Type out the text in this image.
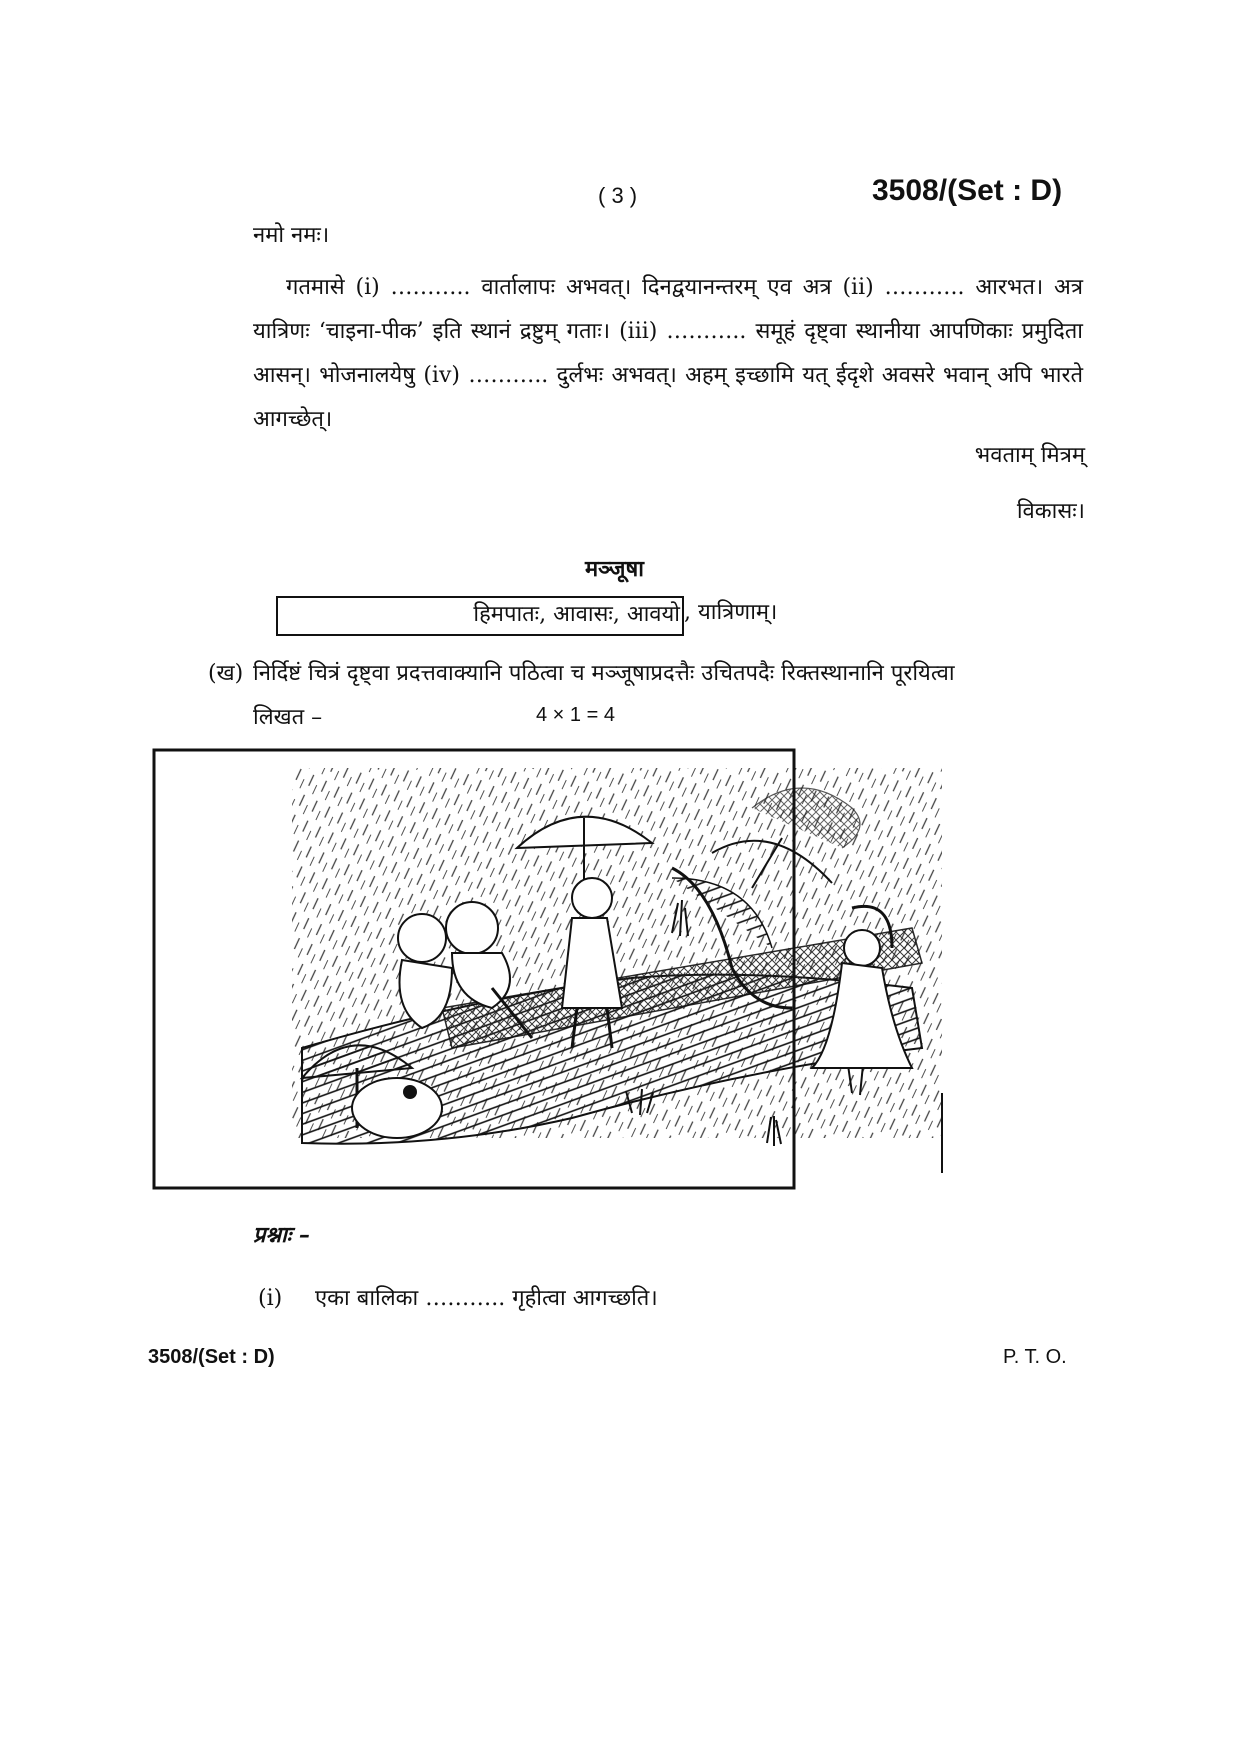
( 3 )	3508/(Set : D)
नमो नमः।
गतमासे (i) ……….. वार्तालापः अभवत्। दिनद्वयानन्तरम् एव अत्र (ii) ……….. आरभत। अत्र यात्रिणः ‘चाइना-पीक’ इति स्थानं द्रष्टुम् गताः। (iii) ……….. समूहं दृष्ट्वा स्थानीया आपणिकाः प्रमुदिता आसन्। भोजनालयेषु (iv) ……….. दुर्लभः अभवत्। अहम् इच्छामि यत् ईदृशे अवसरे भवान् अपि भारते आगच्छेत्।
भवताम् मित्रम्
विकासः।
मञ्जूषा
हिमपातः, आवासः, आवयो , यात्रिणाम्।
(ख) निर्दिष्टं चित्रं दृष्ट्वा प्रदत्तवाक्यानि पठित्वा च मञ्जूषाप्रदत्तैः उचितपदैः रिक्तस्थानानि पूरयित्वा
लिखत –	4 × 1 = 4
प्रश्नाः –
(i) एका बालिका ……….. गृहीत्वा आगच्छति।
3508/(Set : D)	P. T. O.
